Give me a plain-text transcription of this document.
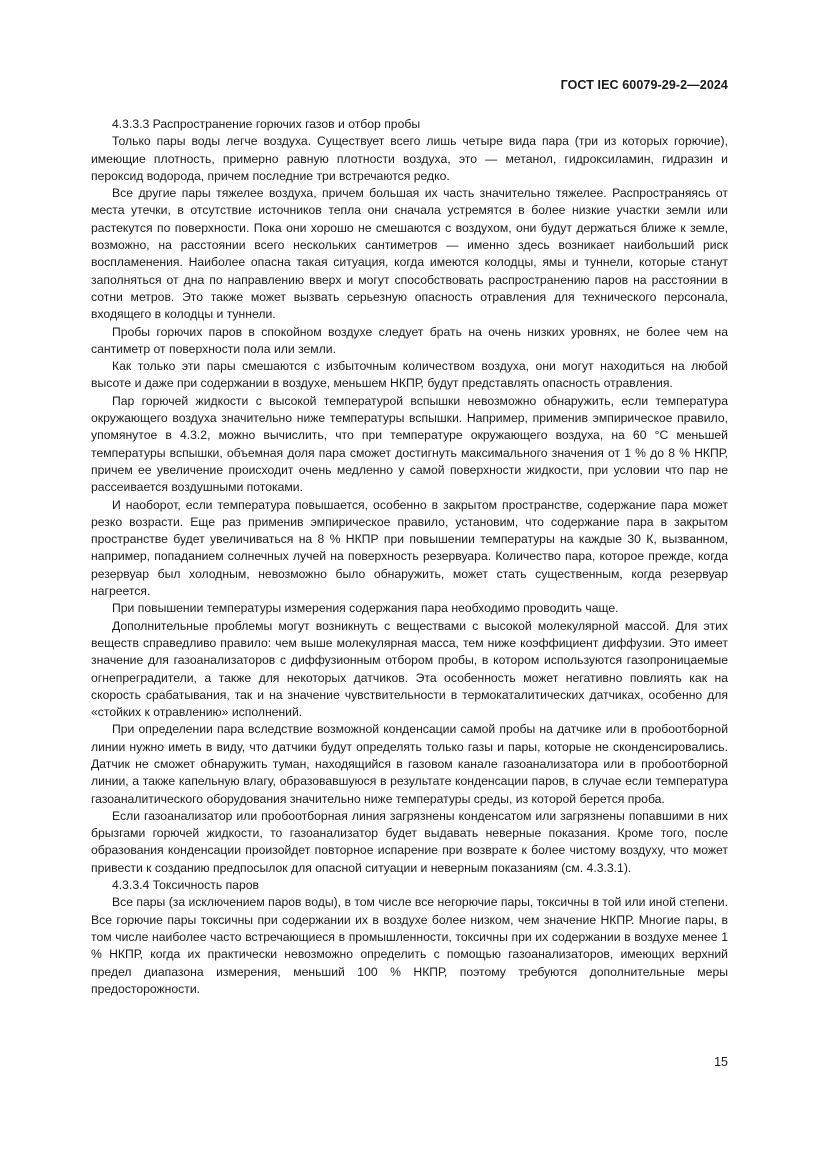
ГОСТ IEC 60079-29-2—2024

4.3.3.3 Распространение горючих газов и отбор пробы

Только пары воды легче воздуха. Существует всего лишь четыре вида пара (три из которых горючие), имеющие плотность, примерно равную плотности воздуха, это — метанол, гидроксиламин, гидразин и пероксид водорода, причем последние три встречаются редко.

Все другие пары тяжелее воздуха, причем большая их часть значительно тяжелее. Распространяясь от места утечки, в отсутствие источников тепла они сначала устремятся в более низкие участки земли или растекутся по поверхности. Пока они хорошо не смешаются с воздухом, они будут держаться ближе к земле, возможно, на расстоянии всего нескольких сантиметров — именно здесь возникает наибольший риск воспламенения. Наиболее опасна такая ситуация, когда имеются колодцы, ямы и туннели, которые станут заполняться от дна по направлению вверх и могут способствовать распространению паров на расстоянии в сотни метров. Это также может вызвать серьезную опасность отравления для технического персонала, входящего в колодцы и туннели.

Пробы горючих паров в спокойном воздухе следует брать на очень низких уровнях, не более чем на сантиметр от поверхности пола или земли.

Как только эти пары смешаются с избыточным количеством воздуха, они могут находиться на любой высоте и даже при содержании в воздухе, меньшем НКПР, будут представлять опасность отравления.

Пар горючей жидкости с высокой температурой вспышки невозможно обнаружить, если температура окружающего воздуха значительно ниже температуры вспышки. Например, применив эмпирическое правило, упомянутое в 4.3.2, можно вычислить, что при температуре окружающего воздуха, на 60 °С меньшей температуры вспышки, объемная доля пара сможет достигнуть максимального значения от 1 % до 8 % НКПР, причем ее увеличение происходит очень медленно у самой поверхности жидкости, при условии что пар не рассеивается воздушными потоками.

И наоборот, если температура повышается, особенно в закрытом пространстве, содержание пара может резко возрасти. Еще раз применив эмпирическое правило, установим, что содержание пара в закрытом пространстве будет увеличиваться на 8 % НКПР при повышении температуры на каждые 30 К, вызванном, например, попаданием солнечных лучей на поверхность резервуара. Количество пара, которое прежде, когда резервуар был холодным, невозможно было обнаружить, может стать существенным, когда резервуар нагреется.

При повышении температуры измерения содержания пара необходимо проводить чаще.

Дополнительные проблемы могут возникнуть с веществами с высокой молекулярной массой. Для этих веществ справедливо правило: чем выше молекулярная масса, тем ниже коэффициент диффузии. Это имеет значение для газоанализаторов с диффузионным отбором пробы, в котором используются газопроницаемые огнепреградители, а также для некоторых датчиков. Эта особенность может негативно повлиять как на скорость срабатывания, так и на значение чувствительности в термокаталитических датчиках, особенно для «стойких к отравлению» исполнений.

При определении пара вследствие возможной конденсации самой пробы на датчике или в пробоотборной линии нужно иметь в виду, что датчики будут определять только газы и пары, которые не сконденсировались. Датчик не сможет обнаружить туман, находящийся в газовом канале газоанализатора или в пробоотборной линии, а также капельную влагу, образовавшуюся в результате конденсации паров, в случае если температура газоаналитического оборудования значительно ниже температуры среды, из которой берется проба.

Если газоанализатор или пробоотборная линия загрязнены конденсатом или загрязнены попавшими в них брызгами горючей жидкости, то газоанализатор будет выдавать неверные показания. Кроме того, после образования конденсации произойдет повторное испарение при возврате к более чистому воздуху, что может привести к созданию предпосылок для опасной ситуации и неверным показаниям (см. 4.3.3.1).

4.3.3.4 Токсичность паров

Все пары (за исключением паров воды), в том числе все негорючие пары, токсичны в той или иной степени. Все горючие пары токсичны при содержании их в воздухе более низком, чем значение НКПР. Многие пары, в том числе наиболее часто встречающиеся в промышленности, токсичны при их содержании в воздухе менее 1 % НКПР, когда их практически невозможно определить с помощью газоанализаторов, имеющих верхний предел диапазона измерения, меньший 100 % НКПР, поэтому требуются дополнительные меры предосторожности.

15
